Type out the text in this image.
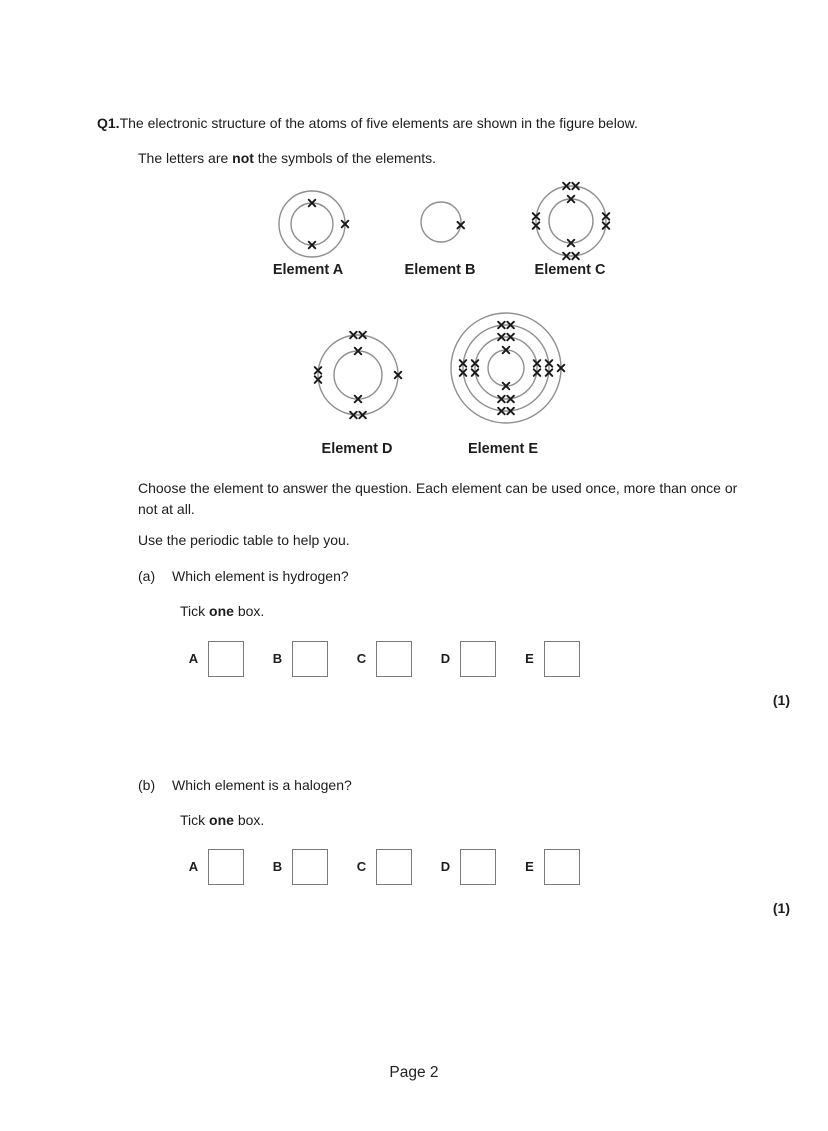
Q1.The electronic structure of the atoms of five elements are shown in the figure below.
The letters are not the symbols of the elements.
Element A	Element B	Element C
Element D	Element E
Choose the element to answer the question. Each element can be used once, more than once or
not at all.
Use the periodic table to help you.
(a) Which element is hydrogen?
Tick one box.
A	B	C	D	E
(1)
(b) Which element is a halogen?
Tick one box.
A	B	C	D	E
(1)
Page 2
